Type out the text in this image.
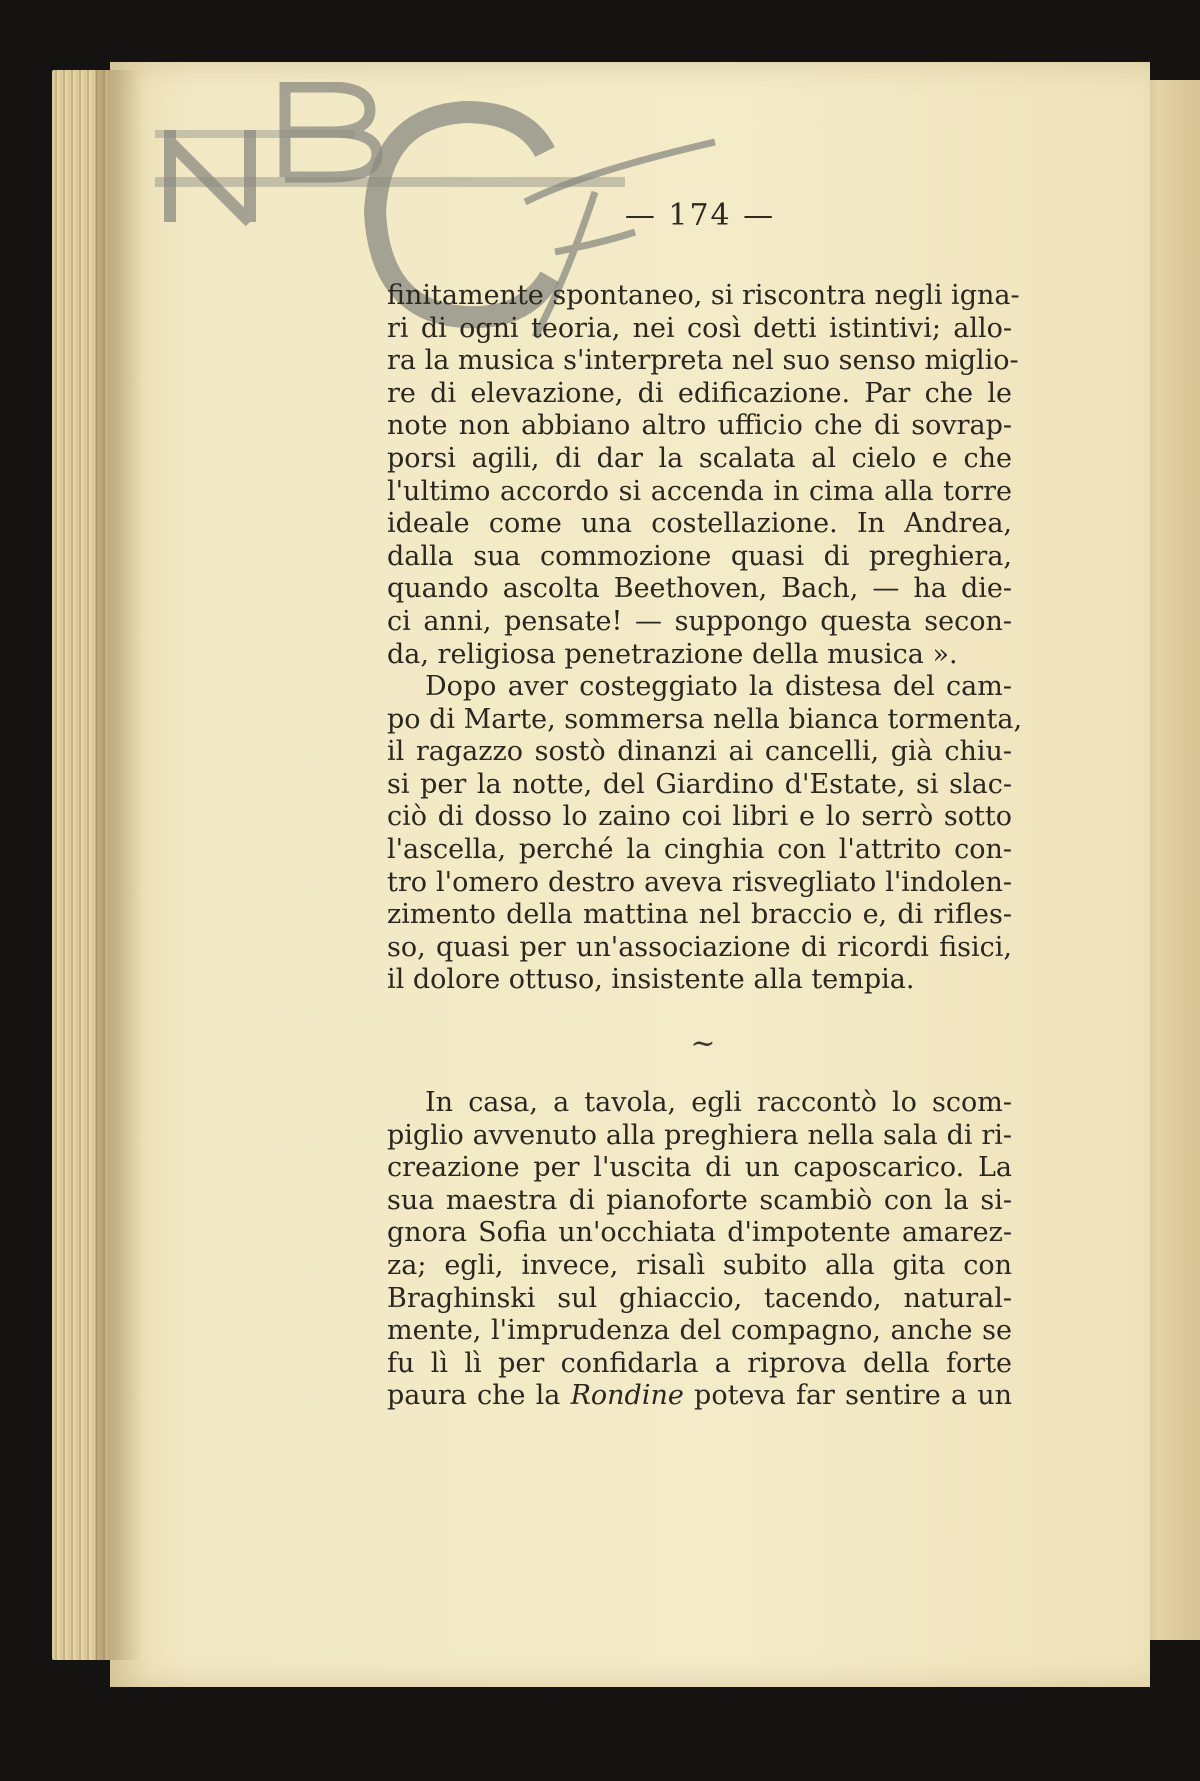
— 174 —
finitamente spontaneo, si riscontra negli igna-
ri di ogni teoria, nei così detti istintivi; allo-
ra la musica s'interpreta nel suo senso miglio-
re di elevazione, di edificazione. Par che le
note non abbiano altro ufficio che di sovrap-
porsi agili, di dar la scalata al cielo e che
l'ultimo accordo si accenda in cima alla torre
ideale come una costellazione. In Andrea,
dalla sua commozione quasi di preghiera,
quando ascolta Beethoven, Bach, — ha die-
ci anni, pensate! — suppongo questa secon-
da, religiosa penetrazione della musica ».
Dopo aver costeggiato la distesa del cam-
po di Marte, sommersa nella bianca tormenta,
il ragazzo sostò dinanzi ai cancelli, già chiu-
si per la notte, del Giardino d'Estate, si slac-
ciò di dosso lo zaino coi libri e lo serrò sotto
l'ascella, perché la cinghia con l'attrito con-
tro l'omero destro aveva risvegliato l'indolen-
zimento della mattina nel braccio e, di rifles-
so, quasi per un'associazione di ricordi fisici,
il dolore ottuso, insistente alla tempia.
~
In casa, a tavola, egli raccontò lo scom-
piglio avvenuto alla preghiera nella sala di ri-
creazione per l'uscita di un caposcarico. La
sua maestra di pianoforte scambiò con la si-
gnora Sofia un'occhiata d'impotente amarez-
za; egli, invece, risalì subito alla gita con
Braghinski sul ghiaccio, tacendo, natural-
mente, l'imprudenza del compagno, anche se
fu lì lì per confidarla a riprova della forte
paura che la Rondine poteva far sentire a un
